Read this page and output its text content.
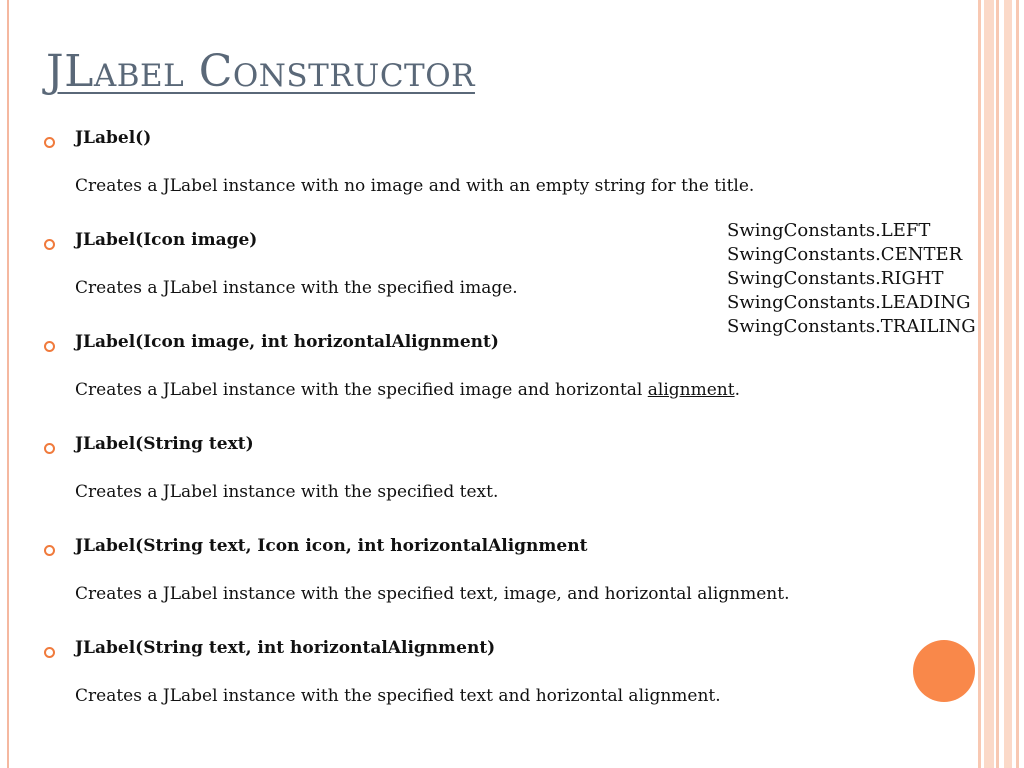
JLabel Constructor
JLabel()
Creates a JLabel instance with no image and with an empty string for the title.
JLabel(Icon image)
Creates a JLabel instance with the specified image.
JLabel(Icon image, int horizontalAlignment)
Creates a JLabel instance with the specified image and horizontal alignment.
JLabel(String text)
Creates a JLabel instance with the specified text.
JLabel(String text, Icon icon, int horizontalAlignment
Creates a JLabel instance with the specified text, image, and horizontal alignment.
JLabel(String text, int horizontalAlignment)
Creates a JLabel instance with the specified text and horizontal alignment.
SwingConstants.LEFT
SwingConstants.CENTER
SwingConstants.RIGHT
SwingConstants.LEADING
SwingConstants.TRAILING
